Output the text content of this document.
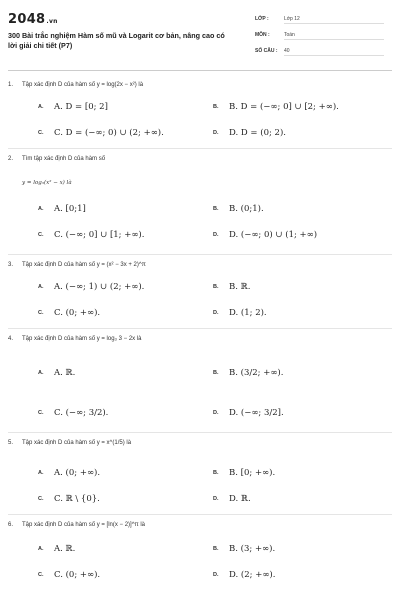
2048.vn
300 Bài trắc nghiệm Hàm số mũ và Logarit cơ bản, nâng cao có lời giải chi tiết (P7)
LỚP :	Lớp 12
MÔN :	Toán
SỐ CÂU : 40
1. Tập xác định D của hàm số y = log(2x − x²) là
A. A. D = [0; 2]	B. B. D = (−∞; 0] ∪ [2; +∞).
C. C. D = (−∞; 0) ∪ (2; +∞).	D. D. D = (0; 2).
2. Tìm tập xác định D của hàm số
y = log₃(x² − x) là
A. A. [0;1]	B. B. (0;1).
C. C. (−∞; 0] ∪ [1; +∞).	D. D. (−∞; 0) ∪ (1; +∞)
3. Tập xác định D của hàm số y = (x² − 3x + 2)^π
A. A. (−∞; 1) ∪ (2; +∞).	B. B. ℝ.
C. C. (0; +∞).	D. D. (1; 2).
4. Tập xác định D của hàm số y = log₃ 3 − 2x là
A. A. ℝ.	B. B. (3/2; +∞).
C. C. (−∞; 3/2).	D. D. (−∞; 3/2].
5. Tập xác định D của hàm số y = x^(1/5) là
A. A. (0; +∞).	B. B. [0; +∞).
C. C. ℝ \ {0}.	D. D. ℝ.
6. Tập xác định D của hàm số y = [ln(x − 2)]^π là
A. A. ℝ.	B. B. (3; +∞).
C. C. (0; +∞).	D. D. (2; +∞).
